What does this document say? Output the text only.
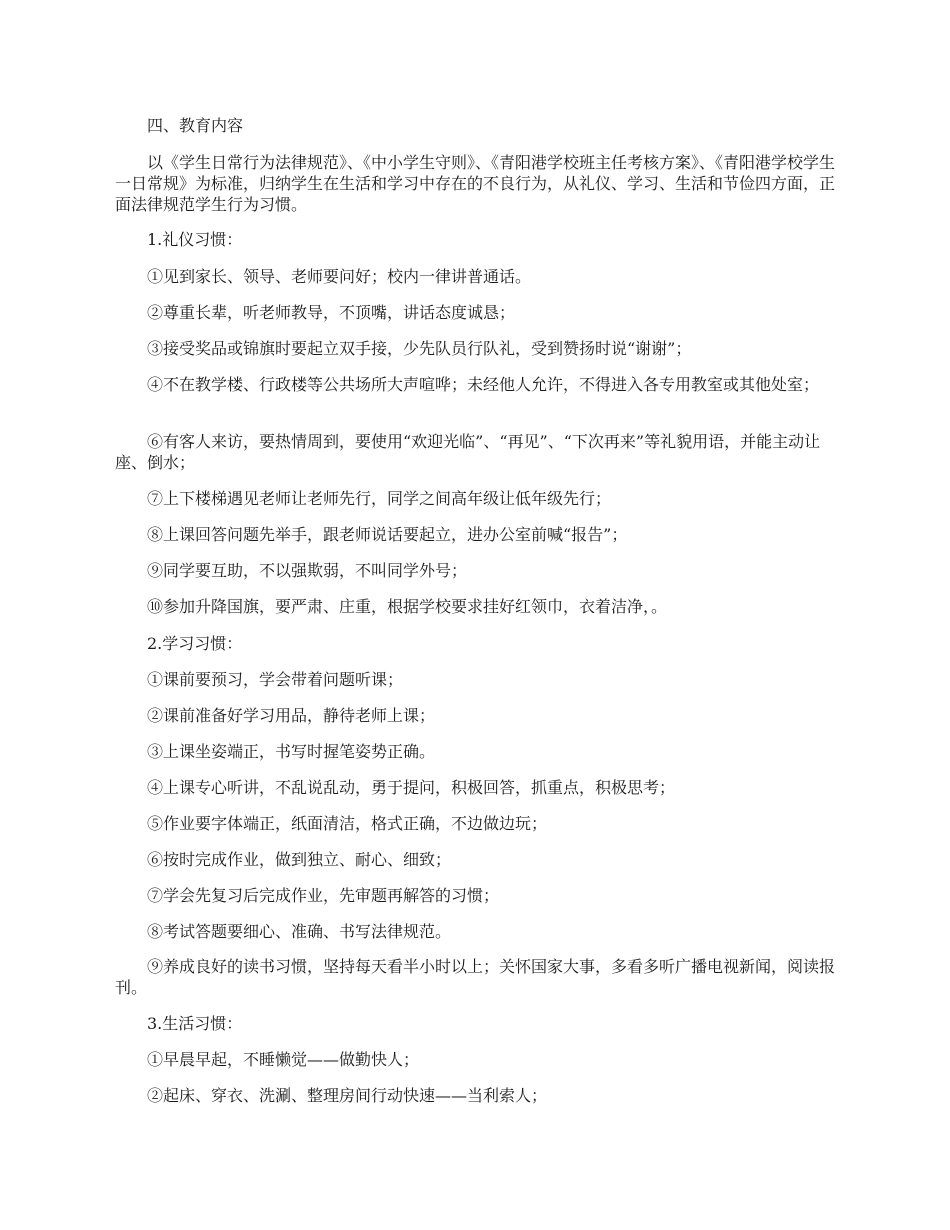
四、教育内容

以《学生日常行为法律规范》、《中小学生守则》、《青阳港学校班主任考核方案》、《青阳港学校学生一日常规》为标准，归纳学生在生活和学习中存在的不良行为，从礼仪、学习、生活和节俭四方面，正面法律规范学生行为习惯。

1.礼仪习惯：

①见到家长、领导、老师要问好；校内一律讲普通话。

②尊重长辈，听老师教导，不顶嘴，讲话态度诚恳；

③接受奖品或锦旗时要起立双手接，少先队员行队礼，受到赞扬时说“谢谢”；

④不在教学楼、行政楼等公共场所大声喧哗；未经他人允许，不得进入各专用教室或其他处室；

⑥有客人来访，要热情周到，要使用“欢迎光临”、“再见”、“下次再来”等礼貌用语，并能主动让座、倒水；

⑦上下楼梯遇见老师让老师先行，同学之间高年级让低年级先行；

⑧上课回答问题先举手，跟老师说话要起立，进办公室前喊“报告”；

⑨同学要互助，不以强欺弱，不叫同学外号；

⑩参加升降国旗，要严肃、庄重，根据学校要求挂好红领巾，衣着洁净，。

2.学习习惯：

①课前要预习，学会带着问题听课；

②课前准备好学习用品，静待老师上课；

③上课坐姿端正，书写时握笔姿势正确。

④上课专心听讲，不乱说乱动，勇于提问，积极回答，抓重点，积极思考；

⑤作业要字体端正，纸面清洁，格式正确，不边做边玩；

⑥按时完成作业，做到独立、耐心、细致；

⑦学会先复习后完成作业，先审题再解答的习惯；

⑧考试答题要细心、准确、书写法律规范。

⑨养成良好的读书习惯，坚持每天看半小时以上；关怀国家大事，多看多听广播电视新闻，阅读报刊。

3.生活习惯：

①早晨早起，不睡懒觉——做勤快人；

②起床、穿衣、洗涮、整理房间行动快速——当利索人；
